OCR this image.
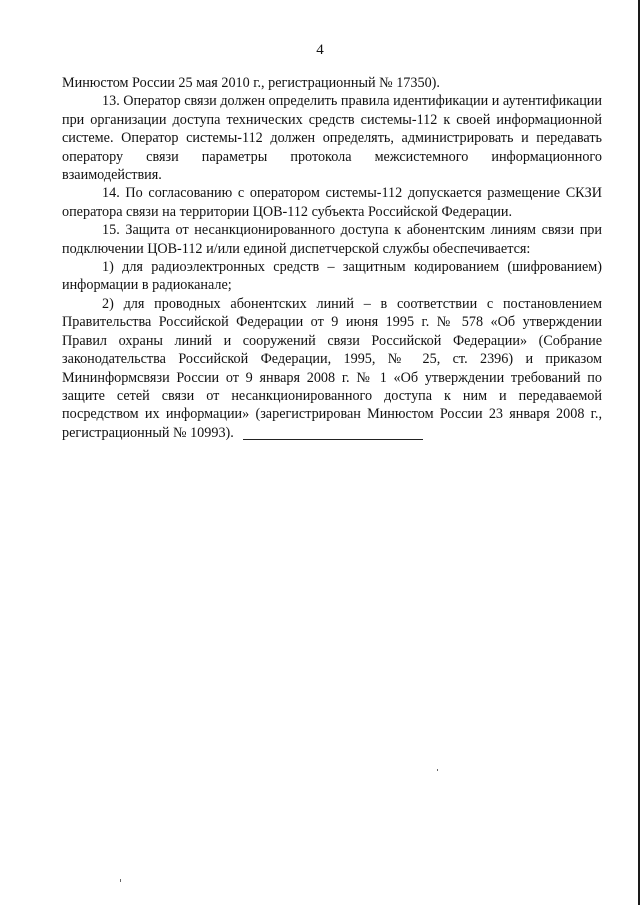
4

Минюстом России 25 мая 2010 г., регистрационный № 17350).

13. Оператор связи должен определить правила идентификации и аутентификации при организации доступа технических средств системы-112 к своей информационной системе. Оператор системы-112 должен определять, администрировать и передавать оператору связи параметры протокола межсистемного информационного взаимодействия.

14. По согласованию с оператором системы-112 допускается размещение СКЗИ оператора связи на территории ЦОВ-112 субъекта Российской Федерации.

15. Защита от несанкционированного доступа к абонентским линиям связи при подключении ЦОВ-112 и/или единой диспетчерской службы обеспечивается:

1) для радиоэлектронных средств – защитным кодированием (шифрованием) информации в радиоканале;

2) для проводных абонентских линий – в соответствии с постановлением Правительства Российской Федерации от 9 июня 1995 г. № 578 «Об утверждении Правил охраны линий и сооружений связи Российской Федерации» (Собрание законодательства Российской Федерации, 1995, № 25, ст. 2396) и приказом Мининформсвязи России от 9 января 2008 г. № 1 «Об утверждении требований по защите сетей связи от несанкционированного доступа к ним и передаваемой посредством их информации» (зарегистрирован Минюстом России 23 января 2008 г., регистрационный № 10993).
